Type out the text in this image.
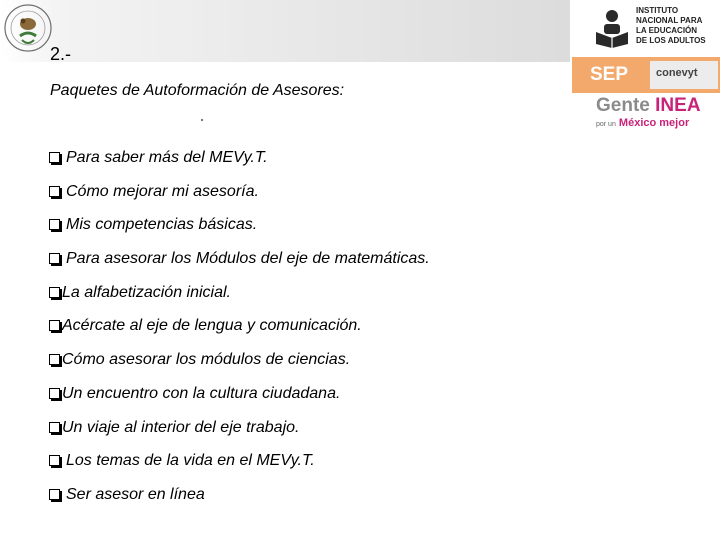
2.-
Paquetes de Autoformación de Asesores:
Para saber más del MEVy.T.
Cómo mejorar mi asesoría.
Mis competencias básicas.
Para asesorar los Módulos del eje de matemáticas.
La alfabetización inicial.
Acércate al eje de lengua y comunicación.
Cómo asesorar los módulos de ciencias.
Un encuentro con la cultura ciudadana.
Un viaje al interior del eje trabajo.
Los temas de la vida en el MEVy.T.
Ser asesor en línea
INSTITUTO
NACIONAL PARA
LA EDUCACIÓN
DE LOS ADULTOS
SEP	conevyt
Gente INEA
por un México mejor
